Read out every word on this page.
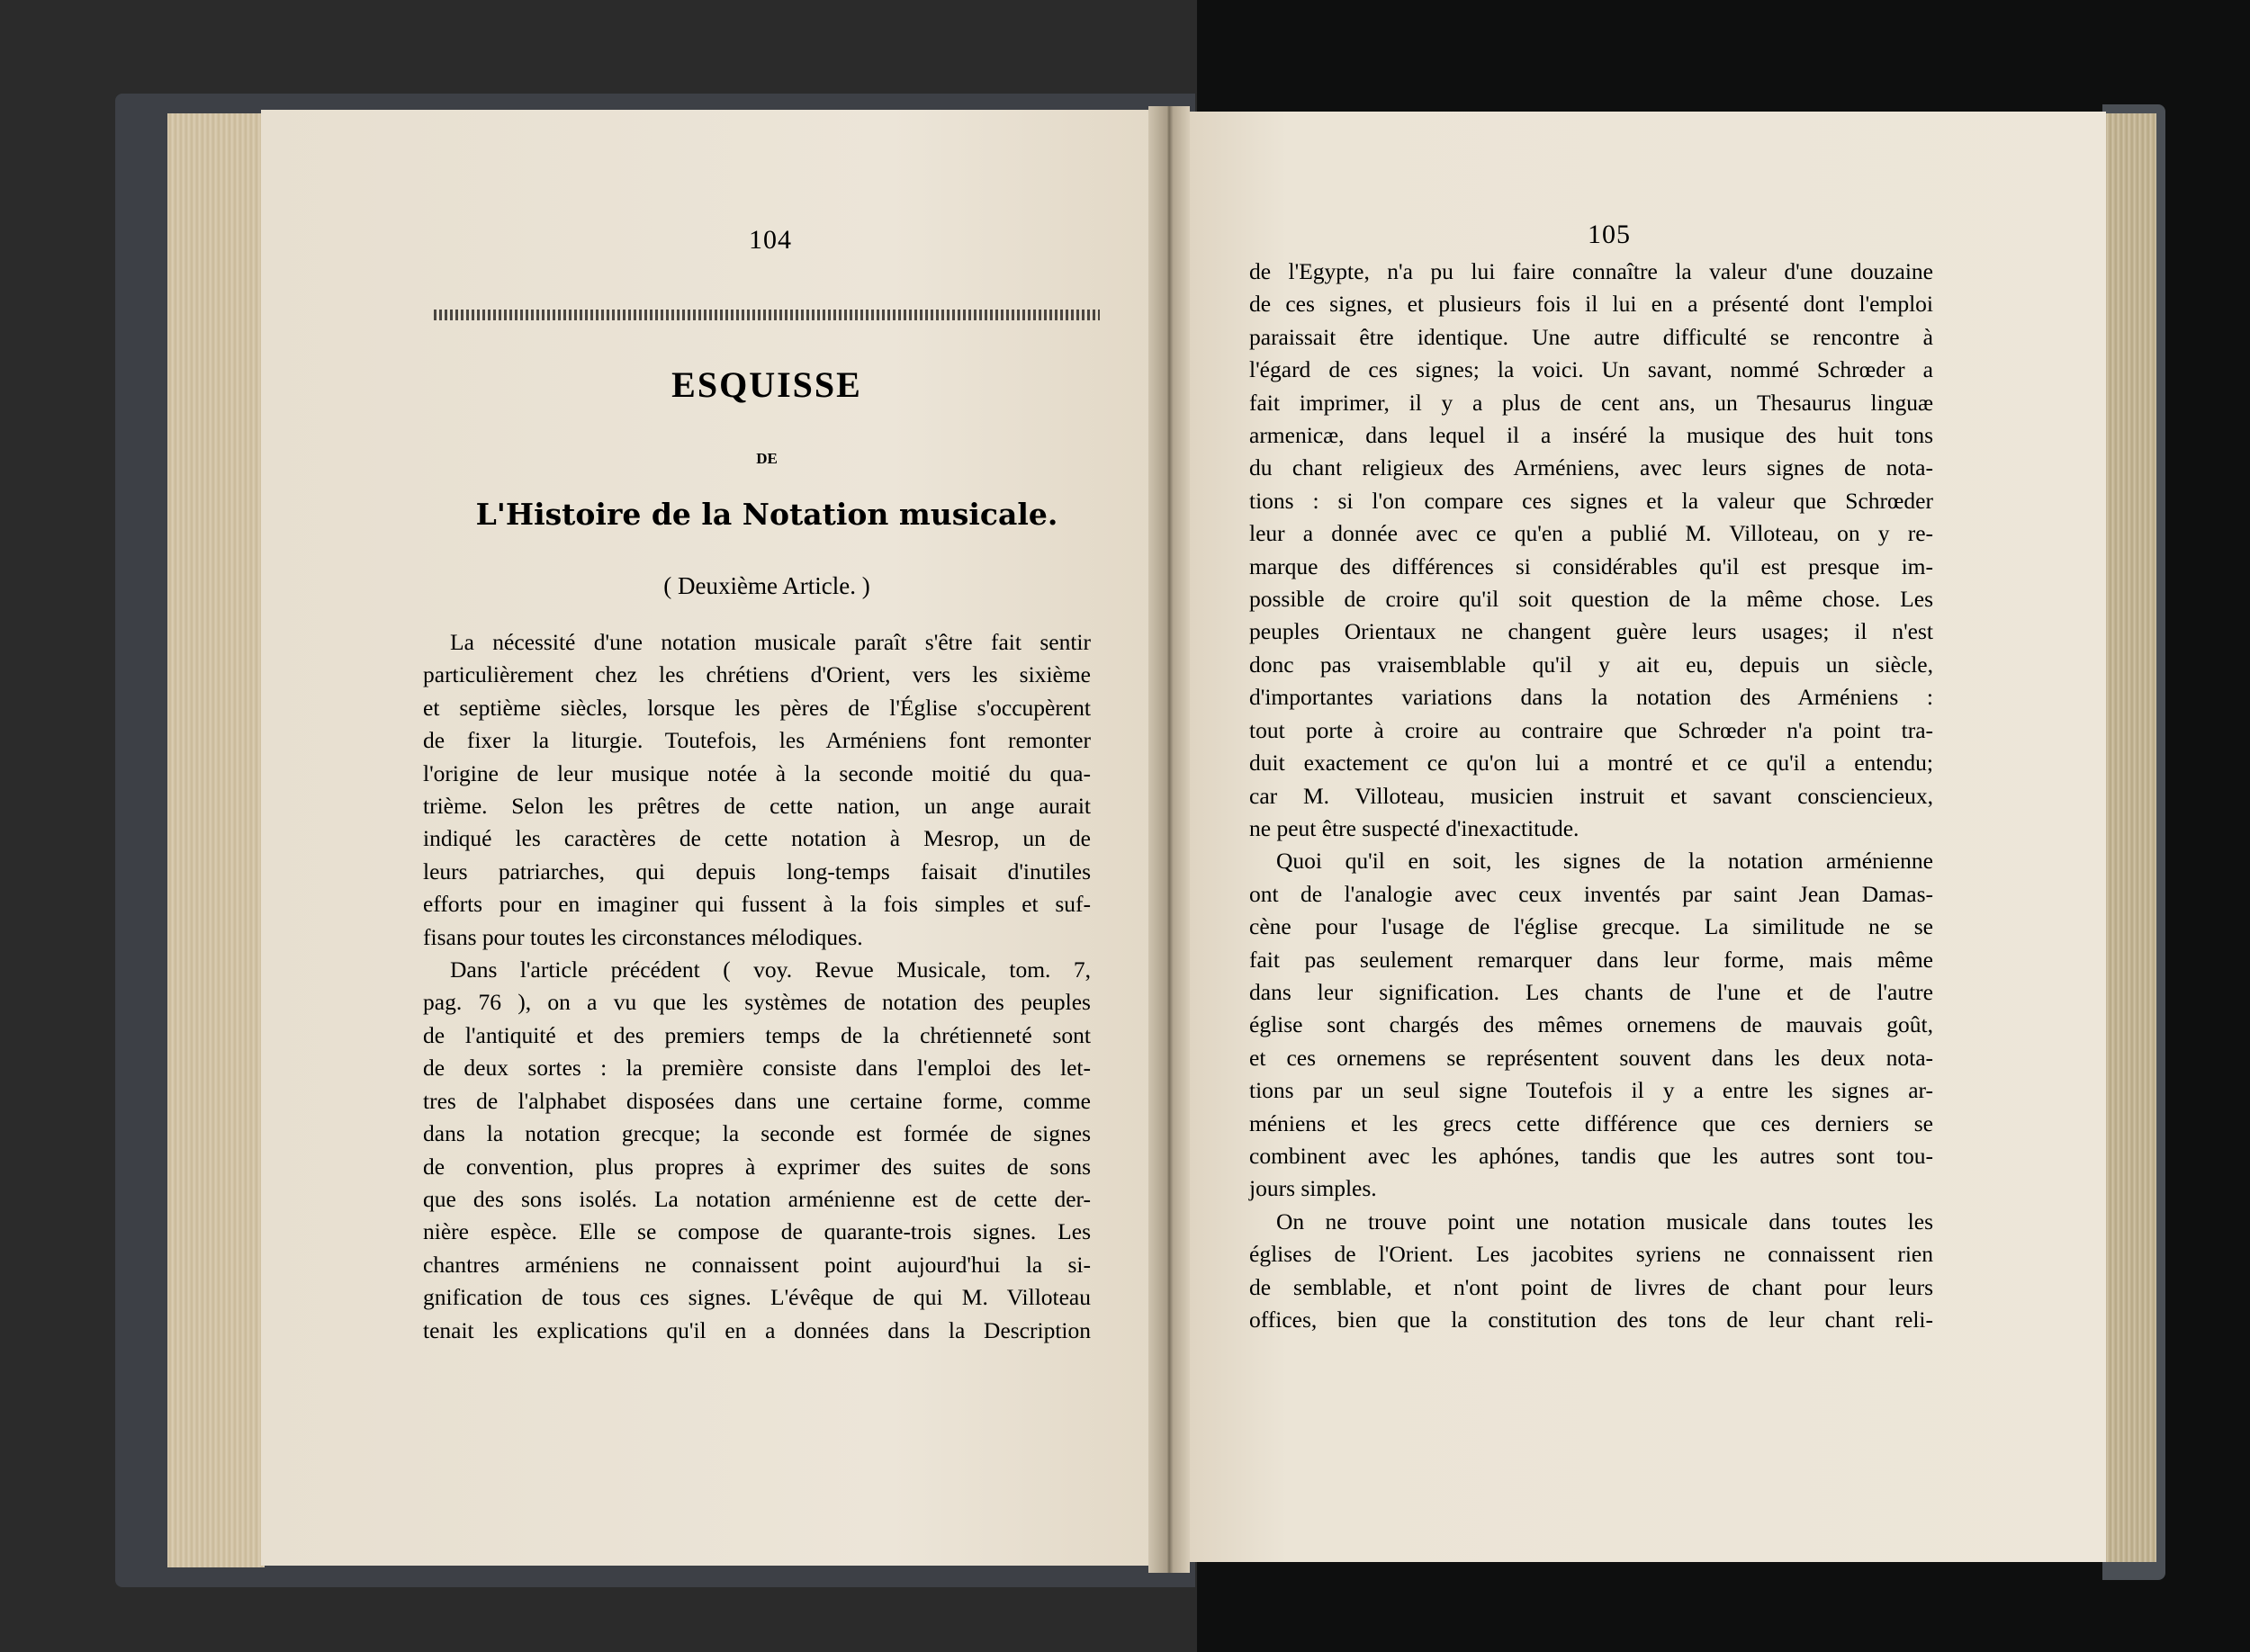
104
ESQUISSE
DE
L'Histoire de la Notation musicale.
( Deuxième Article. )
La nécessité d'une notation musicale paraît s'être fait sentir
particulièrement chez les chrétiens d'Orient, vers les sixième
et septième siècles, lorsque les pères de l'Église s'occupèrent
de fixer la liturgie. Toutefois, les Arméniens font remonter
l'origine de leur musique notée à la seconde moitié du qua-
trième. Selon les prêtres de cette nation, un ange aurait
indiqué les caractères de cette notation à Mesrop, un de
leurs patriarches, qui depuis long-temps faisait d'inutiles
efforts pour en imaginer qui fussent à la fois simples et suf-
fisans pour toutes les circonstances mélodiques.
Dans l'article précédent ( voy. Revue Musicale, tom. 7,
pag. 76 ), on a vu que les systèmes de notation des peuples
de l'antiquité et des premiers temps de la chrétienneté sont
de deux sortes : la première consiste dans l'emploi des let-
tres de l'alphabet disposées dans une certaine forme, comme
dans la notation grecque; la seconde est formée de signes
de convention, plus propres à exprimer des suites de sons
que des sons isolés. La notation arménienne est de cette der-
nière espèce. Elle se compose de quarante-trois signes. Les
chantres arméniens ne connaissent point aujourd'hui la si-
gnification de tous ces signes. L'évêque de qui M. Villoteau
tenait les explications qu'il en a données dans la Description
105
de l'Egypte, n'a pu lui faire connaître la valeur d'une douzaine
de ces signes, et plusieurs fois il lui en a présenté dont l'emploi
paraissait être identique. Une autre difficulté se rencontre à
l'égard de ces signes; la voici. Un savant, nommé Schrœder a
fait imprimer, il y a plus de cent ans, un Thesaurus linguæ
armenicæ, dans lequel il a inséré la musique des huit tons
du chant religieux des Arméniens, avec leurs signes de nota-
tions : si l'on compare ces signes et la valeur que Schrœder
leur a donnée avec ce qu'en a publié M. Villoteau, on y re-
marque des différences si considérables qu'il est presque im-
possible de croire qu'il soit question de la même chose. Les
peuples Orientaux ne changent guère leurs usages; il n'est
donc pas vraisemblable qu'il y ait eu, depuis un siècle,
d'importantes variations dans la notation des Arméniens :
tout porte à croire au contraire que Schrœder n'a point tra-
duit exactement ce qu'on lui a montré et ce qu'il a entendu;
car M. Villoteau, musicien instruit et savant consciencieux,
ne peut être suspecté d'inexactitude.
Quoi qu'il en soit, les signes de la notation arménienne
ont de l'analogie avec ceux inventés par saint Jean Damas-
cène pour l'usage de l'église grecque. La similitude ne se
fait pas seulement remarquer dans leur forme, mais même
dans leur signification. Les chants de l'une et de l'autre
église sont chargés des mêmes ornemens de mauvais goût,
et ces ornemens se représentent souvent dans les deux nota-
tions par un seul signe Toutefois il y a entre les signes ar-
méniens et les grecs cette différence que ces derniers se
combinent avec les aphónes, tandis que les autres sont tou-
jours simples.
On ne trouve point une notation musicale dans toutes les
églises de l'Orient. Les jacobites syriens ne connaissent rien
de semblable, et n'ont point de livres de chant pour leurs
offices, bien que la constitution des tons de leur chant reli-
